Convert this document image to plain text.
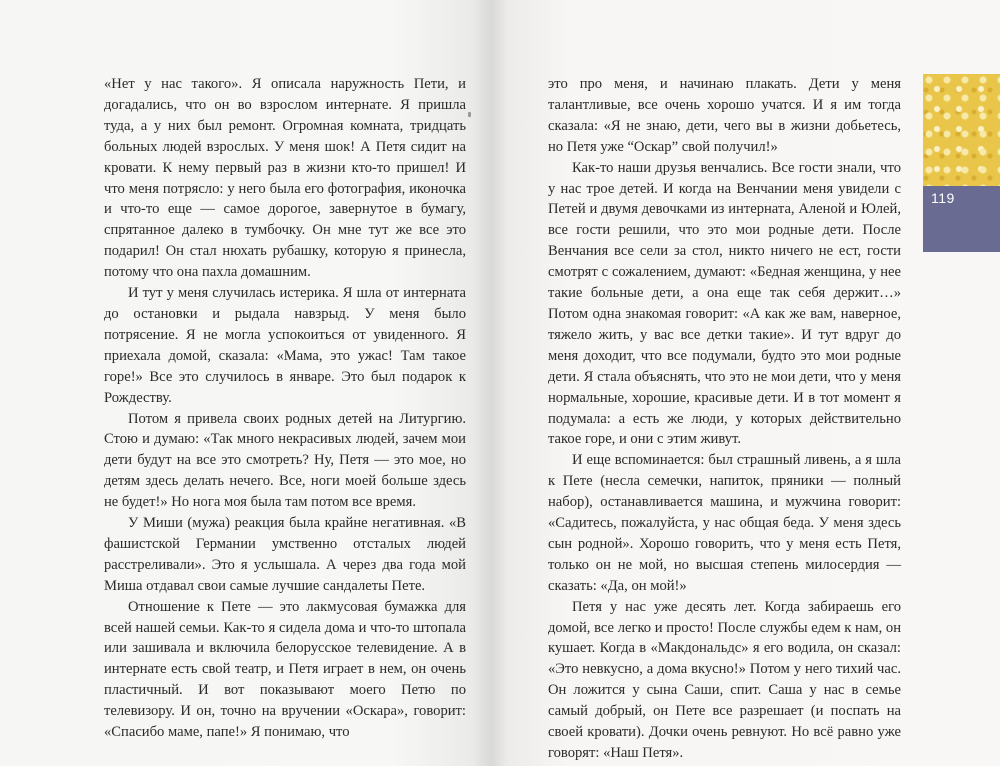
«Нет у нас такого». Я описала наружность Пети, и догадались, что он во взрослом интернате. Я пришла туда, а у них был ремонт. Огромная комната, тридцать больных людей взрослых. У меня шок! А Петя сидит на кровати. К нему первый раз в жизни кто-то пришел! И что меня потрясло: у него была его фотография, иконочка и что-то еще — самое дорогое, завернутое в бумагу, спрятанное далеко в тумбочку. Он мне тут же все это подарил! Он стал нюхать рубашку, которую я принесла, потому что она пахла домашним.

И тут у меня случилась истерика. Я шла от интерната до остановки и рыдала навзрыд. У меня было потрясение. Я не могла успокоиться от увиденного. Я приехала домой, сказала: «Мама, это ужас! Там такое горе!» Все это случилось в январе. Это был подарок к Рождеству.

Потом я привела своих родных детей на Литургию. Стою и думаю: «Так много некрасивых людей, зачем мои дети будут на все это смотреть? Ну, Петя — это мое, но детям здесь делать нечего. Все, ноги моей больше здесь не будет!» Но нога моя была там потом все время.

У Миши (мужа) реакция была крайне негативная. «В фашистской Германии умственно отсталых людей расстреливали». Это я услышала. А через два года мой Миша отдавал свои самые лучшие сандалеты Пете.

Отношение к Пете — это лакмусовая бумажка для всей нашей семьи. Как-то я сидела дома и что-то штопала или зашивала и включила белорусское телевидение. А в интернате есть свой театр, и Петя играет в нем, он очень пластичный. И вот показывают моего Петю по телевизору. И он, точно на вручении «Оскара», говорит: «Спасибо маме, папе!» Я понимаю, что

это про меня, и начинаю плакать. Дети у меня талантливые, все очень хорошо учатся. И я им тогда сказала: «Я не знаю, дети, чего вы в жизни добьетесь, но Петя уже “Оскар” свой получил!»

Как-то наши друзья венчались. Все гости знали, что у нас трое детей. И когда на Венчании меня увидели с Петей и двумя девочками из интерната, Аленой и Юлей, все гости решили, что это мои родные дети. После Венчания все сели за стол, никто ничего не ест, гости смотрят с сожалением, думают: «Бедная женщина, у нее такие больные дети, а она еще так себя держит…» Потом одна знакомая говорит: «А как же вам, наверное, тяжело жить, у вас все детки такие». И тут вдруг до меня доходит, что все подумали, будто это мои родные дети. Я стала объяснять, что это не мои дети, что у меня нормальные, хорошие, красивые дети. И в тот момент я подумала: а есть же люди, у которых действительно такое горе, и они с этим живут.

И еще вспоминается: был страшный ливень, а я шла к Пете (несла семечки, напиток, пряники — полный набор), останавливается машина, и мужчина говорит: «Садитесь, пожалуйста, у нас общая беда. У меня здесь сын родной». Хорошо говорить, что у меня есть Петя, только он не мой, но высшая степень милосердия — сказать: «Да, он мой!»

Петя у нас уже десять лет. Когда забираешь его домой, все легко и просто! После службы едем к нам, он кушает. Когда в «Макдональдс» я его водила, он сказал: «Это невкусно, а дома вкусно!» Потом у него тихий час. Он ложится у сына Саши, спит. Саша у нас в семье самый добрый, он Пете все разрешает (и поспать на своей кровати). Дочки очень ревнуют. Но всё равно уже говорят: «Наш Петя».

119
